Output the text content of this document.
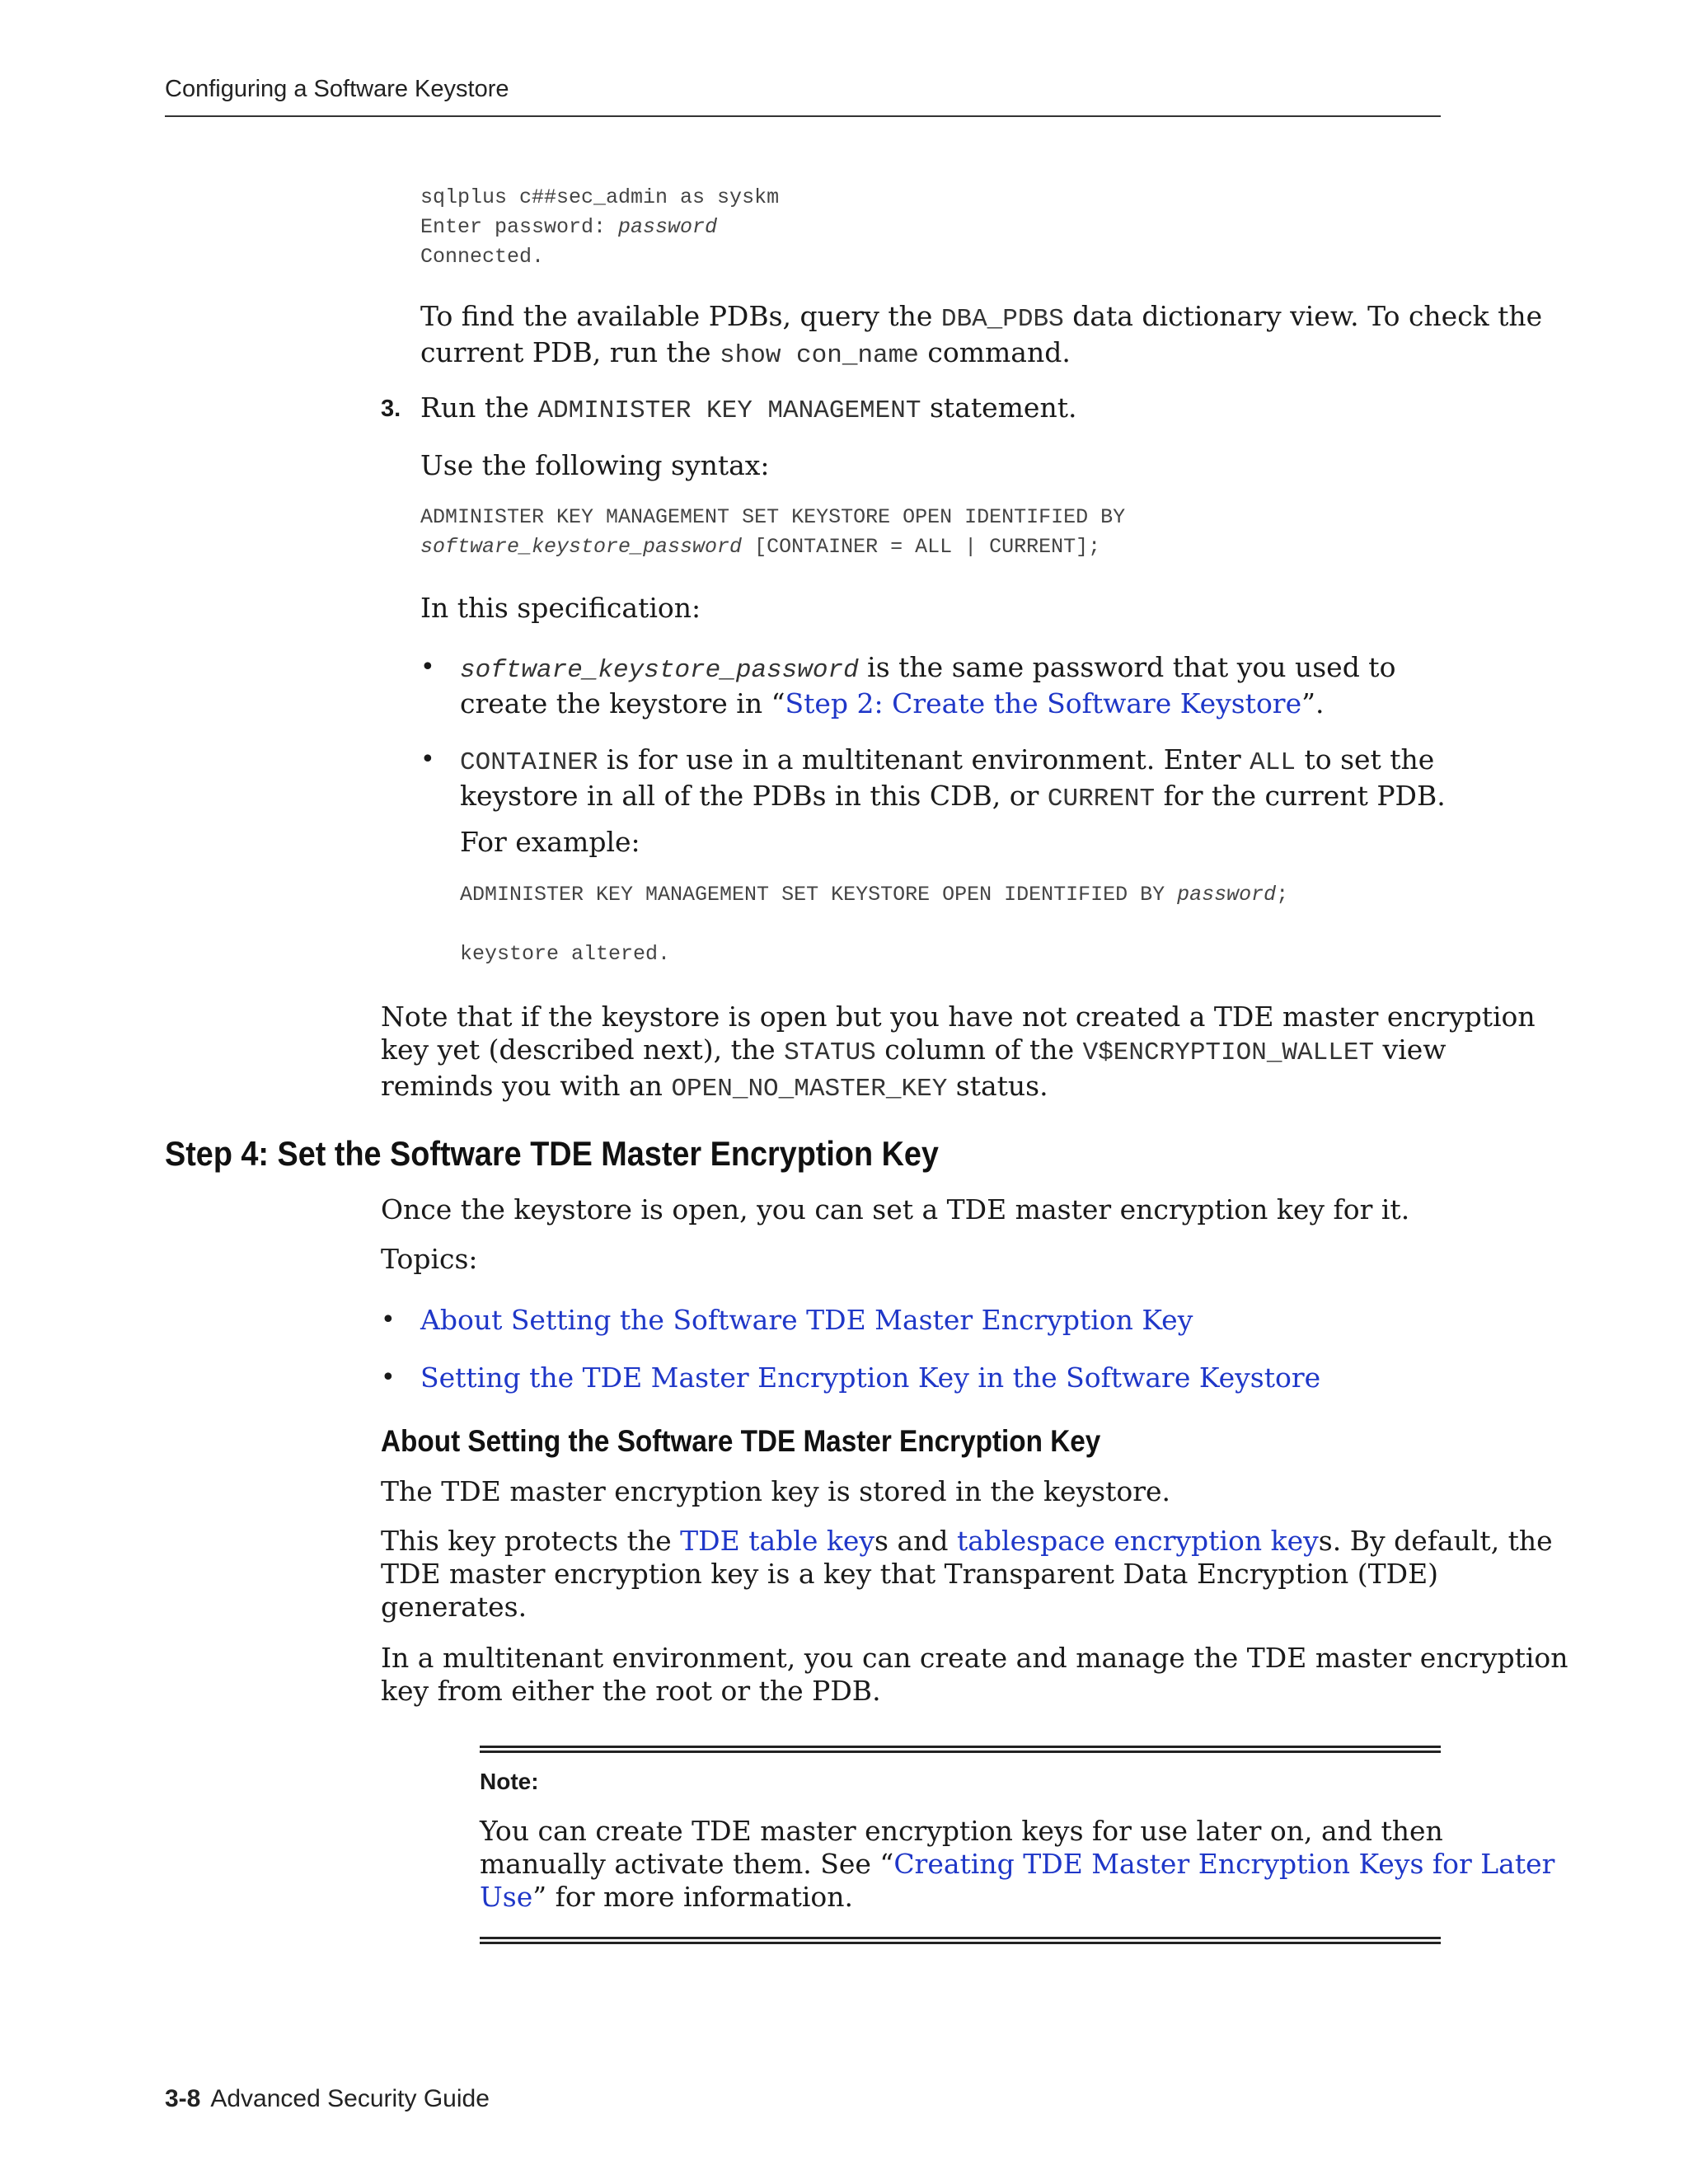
Configuring a Software Keystore
sqlplus c##sec_admin as syskm
Enter password: password
Connected.
To find the available PDBs, query the DBA_PDBS data dictionary view. To check the
current PDB, run the show con_name command.
3. Run the ADMINISTER KEY MANAGEMENT statement.
Use the following syntax:
ADMINISTER KEY MANAGEMENT SET KEYSTORE OPEN IDENTIFIED BY
software_keystore_password [CONTAINER = ALL | CURRENT];
In this specification:
• software_keystore_password is the same password that you used to
create the keystore in “Step 2: Create the Software Keystore”.
• CONTAINER is for use in a multitenant environment. Enter ALL to set the
keystore in all of the PDBs in this CDB, or CURRENT for the current PDB.
For example:
ADMINISTER KEY MANAGEMENT SET KEYSTORE OPEN IDENTIFIED BY password;
keystore altered.
Note that if the keystore is open but you have not created a TDE master encryption
key yet (described next), the STATUS column of the V$ENCRYPTION_WALLET view
reminds you with an OPEN_NO_MASTER_KEY status.
Step 4: Set the Software TDE Master Encryption Key
Once the keystore is open, you can set a TDE master encryption key for it.
Topics:
• About Setting the Software TDE Master Encryption Key
• Setting the TDE Master Encryption Key in the Software Keystore
About Setting the Software TDE Master Encryption Key
The TDE master encryption key is stored in the keystore.
This key protects the TDE table keys and tablespace encryption keys. By default, the
TDE master encryption key is a key that Transparent Data Encryption (TDE)
generates.
In a multitenant environment, you can create and manage the TDE master encryption
key from either the root or the PDB.
Note:
You can create TDE master encryption keys for use later on, and then
manually activate them. See “Creating TDE Master Encryption Keys for Later
Use” for more information.
3-8 Advanced Security Guide
